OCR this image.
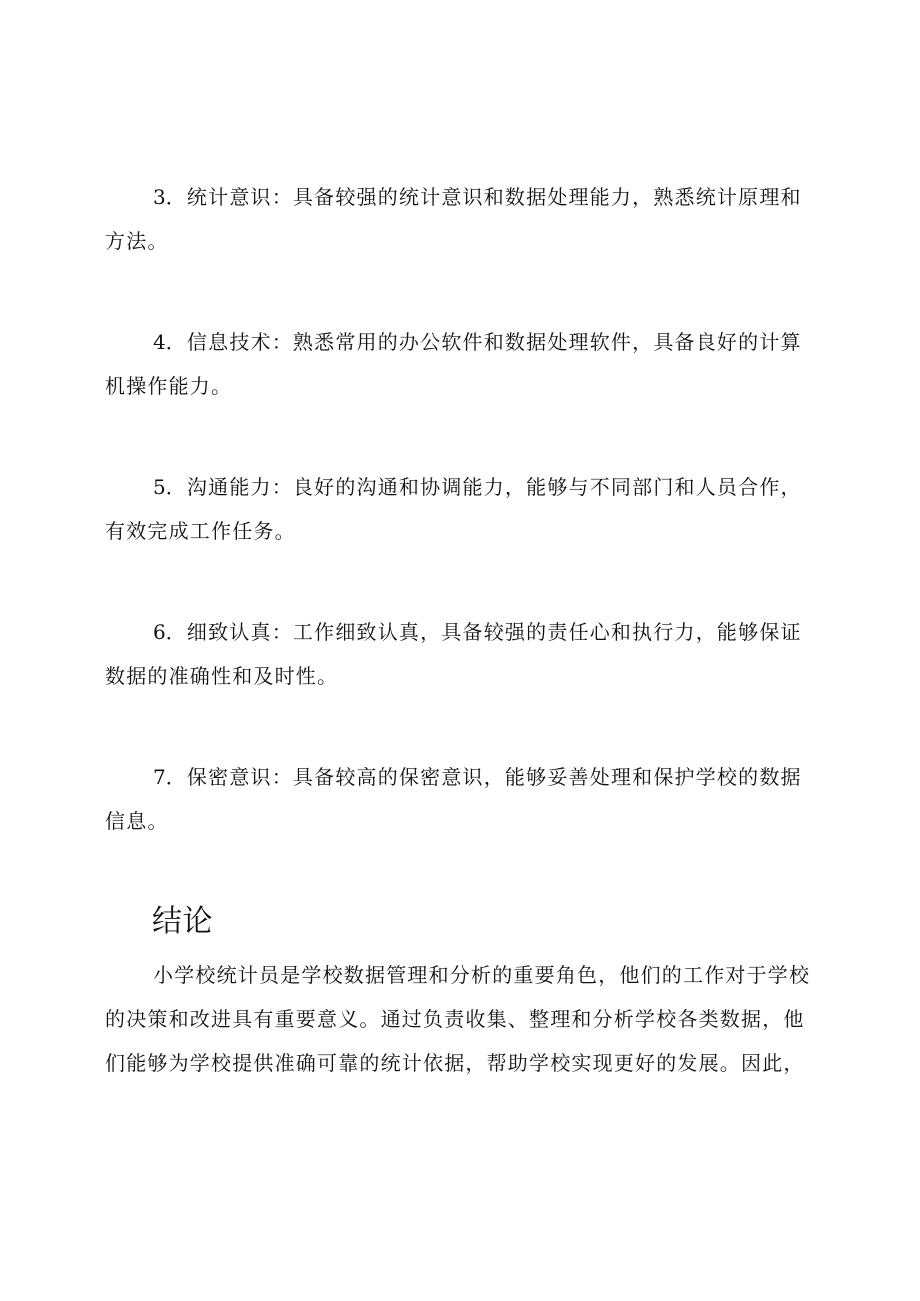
3．统计意识：具备较强的统计意识和数据处理能力，熟悉统计原理和方法。

4．信息技术：熟悉常用的办公软件和数据处理软件，具备良好的计算机操作能力。

5．沟通能力：良好的沟通和协调能力，能够与不同部门和人员合作，有效完成工作任务。

6．细致认真：工作细致认真，具备较强的责任心和执行力，能够保证数据的准确性和及时性。

7．保密意识：具备较高的保密意识，能够妥善处理和保护学校的数据信息。

结论

小学校统计员是学校数据管理和分析的重要角色，他们的工作对于学校的决策和改进具有重要意义。通过负责收集、整理和分析学校各类数据，他们能够为学校提供准确可靠的统计依据，帮助学校实现更好的发展。因此，
